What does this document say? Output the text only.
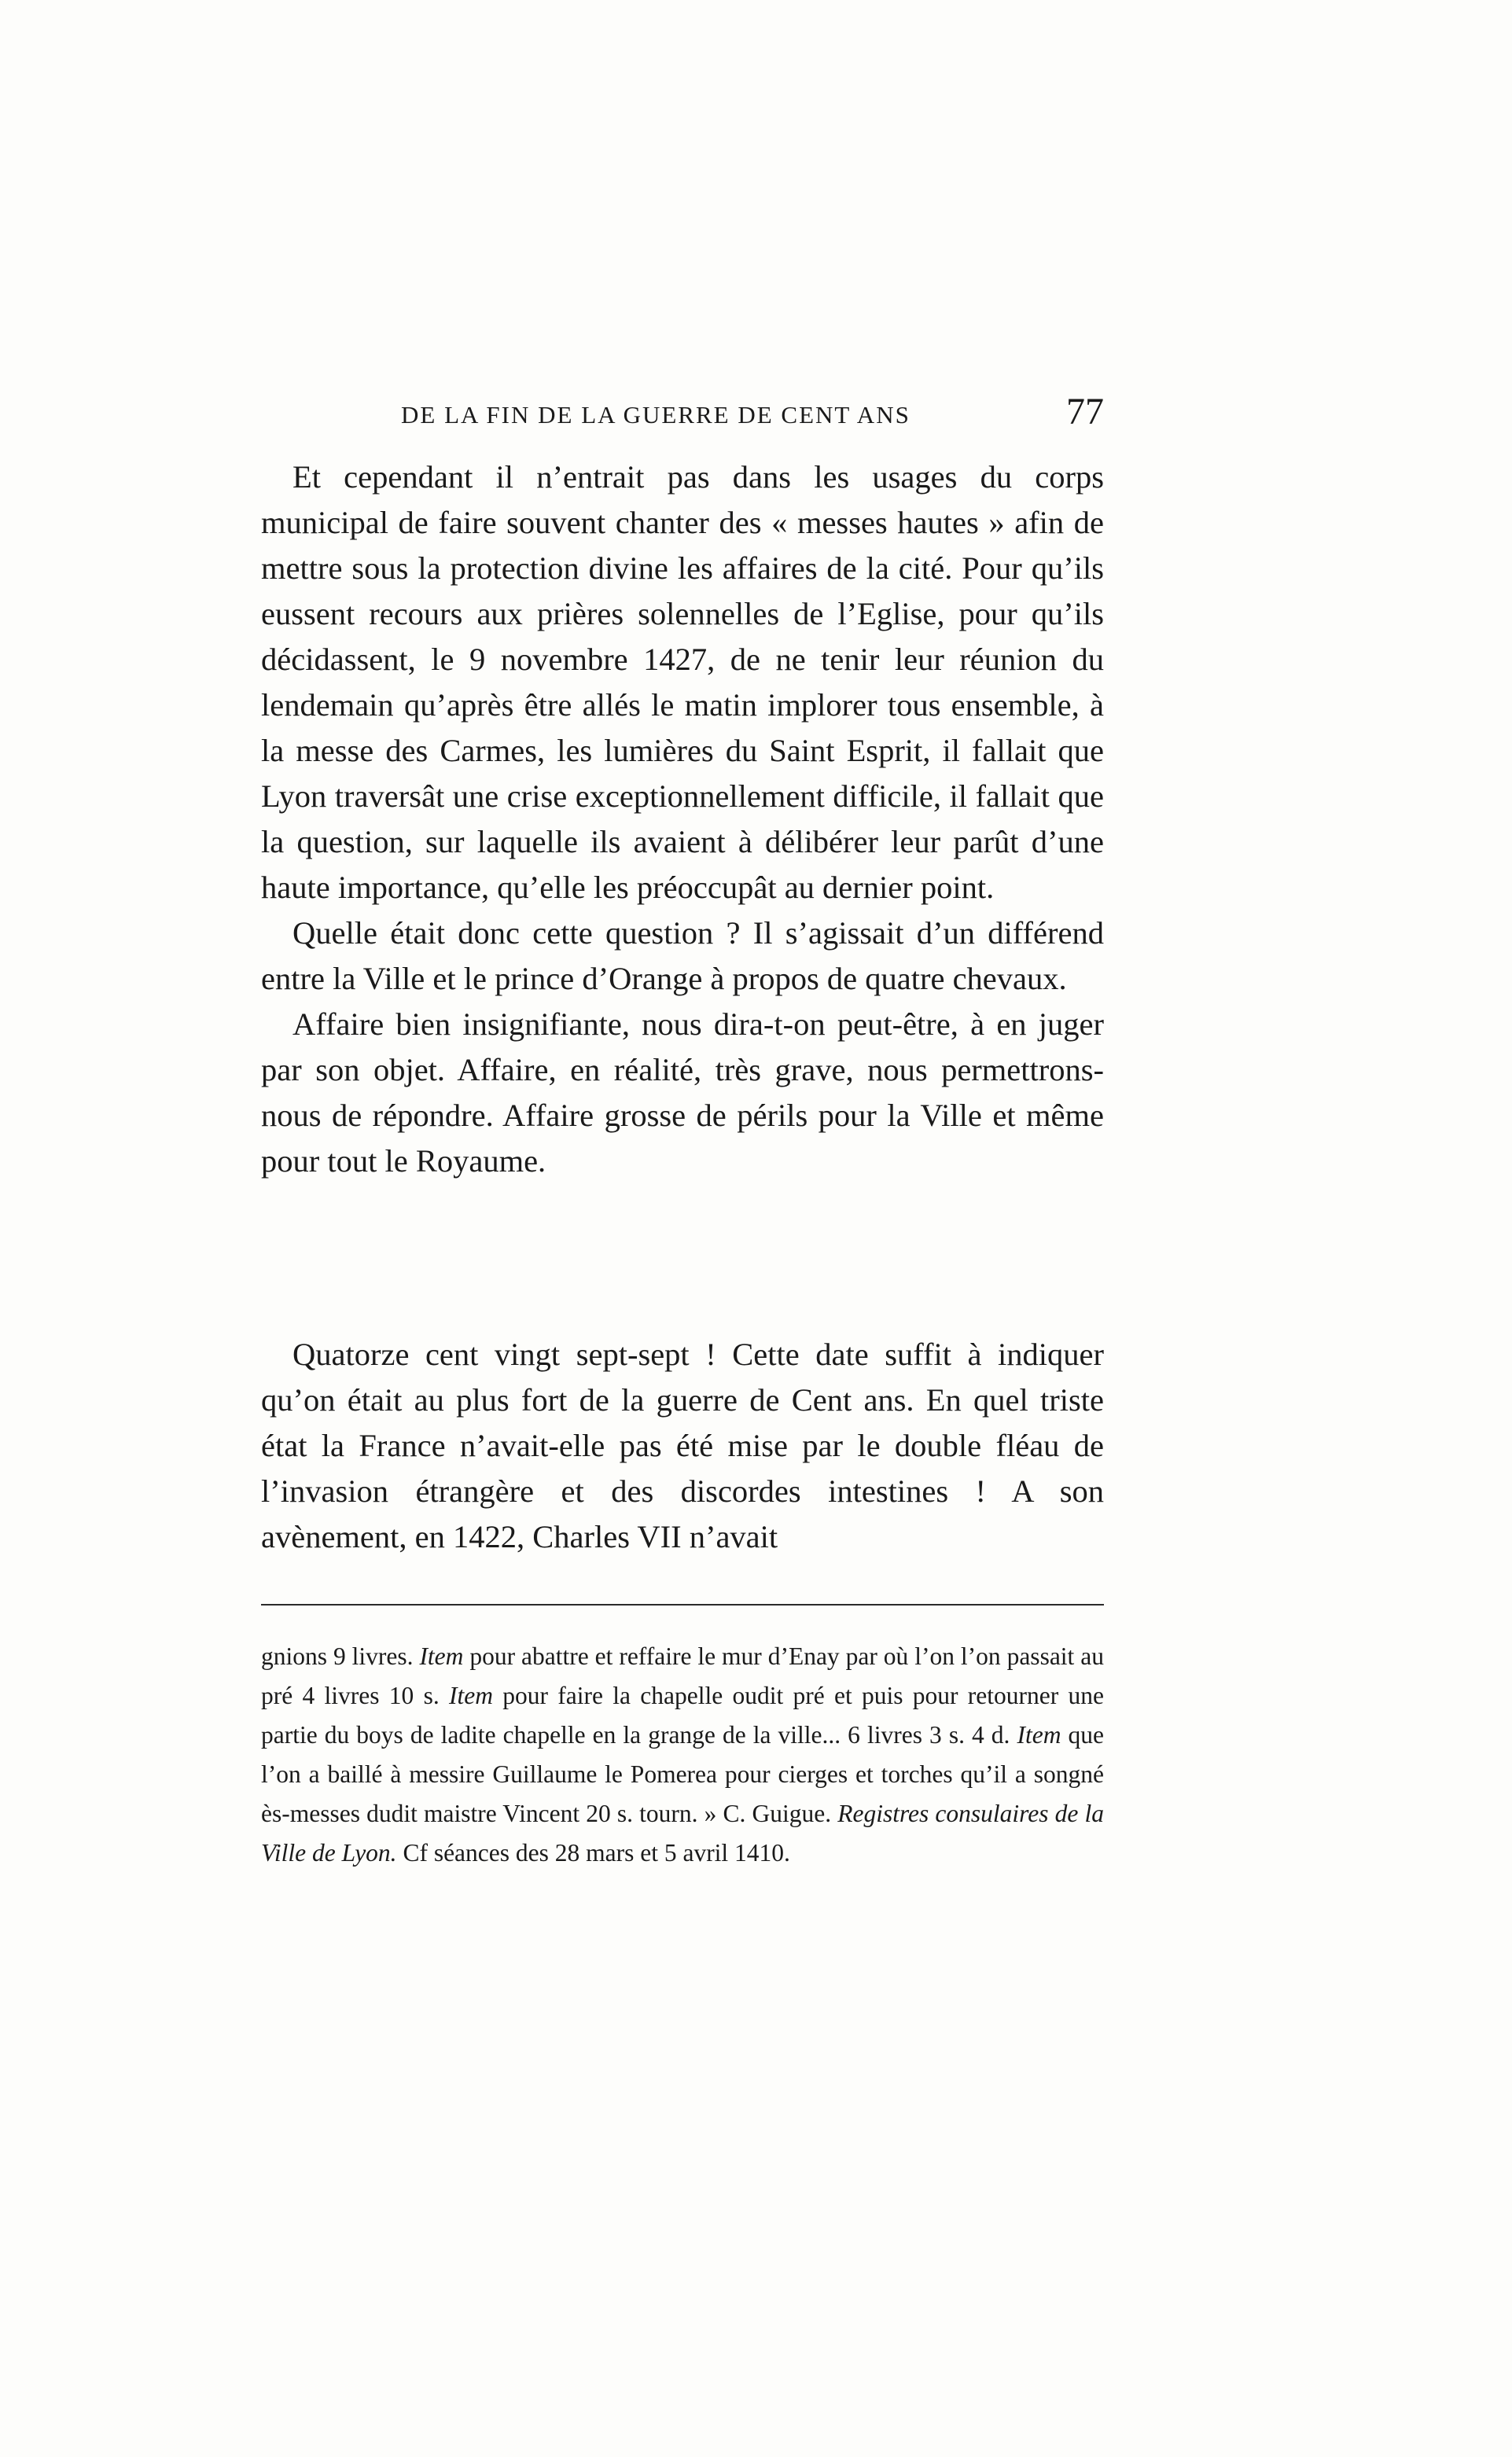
DE LA FIN DE LA GUERRE DE CENT ANS	77

Et cependant il n’entrait pas dans les usages du corps municipal de faire souvent chanter des « messes hautes » afin de mettre sous la protection divine les affaires de la cité. Pour qu’ils eussent recours aux prières solennelles de l’Eglise, pour qu’ils décidassent, le 9 novembre 1427, de ne tenir leur réunion du lendemain qu’après être allés le matin implorer tous ensemble, à la messe des Carmes, les lumières du Saint Esprit, il fallait que Lyon traversât une crise exceptionnellement difficile, il fallait que la question, sur laquelle ils avaient à délibérer leur parût d’une haute importance, qu’elle les préoccupât au dernier point.

Quelle était donc cette question ? Il s’agissait d’un différend entre la Ville et le prince d’Orange à propos de quatre chevaux.

Affaire bien insignifiante, nous dira-t-on peut-être, à en juger par son objet. Affaire, en réalité, très grave, nous permettrons-nous de répondre. Affaire grosse de périls pour la Ville et même pour tout le Royaume.

Quatorze cent vingt sept-sept ! Cette date suffit à indiquer qu’on était au plus fort de la guerre de Cent ans. En quel triste état la France n’avait-elle pas été mise par le double fléau de l’invasion étrangère et des discordes intestines ! A son avènement, en 1422, Charles VII n’avait

gnions 9 livres. Item pour abattre et reffaire le mur d’Enay par où l’on l’on passait au pré 4 livres 10 s. Item pour faire la chapelle oudit pré et puis pour retourner une partie du boys de ladite chapelle en la grange de la ville... 6 livres 3 s. 4 d. Item que l’on a baillé à messire Guillaume le Pomerea pour cierges et torches qu’il a songné ès-messes dudit maistre Vincent 20 s. tourn. » C. Guigue. Registres consulaires de la Ville de Lyon. Cf séances des 28 mars et 5 avril 1410.
